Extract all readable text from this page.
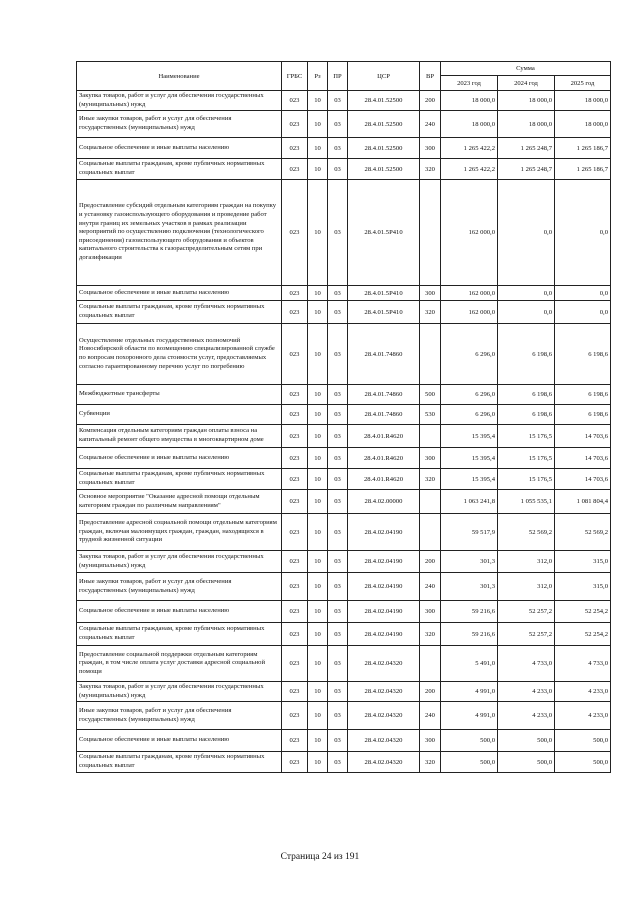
Наименование	ГРБС	Рз	ПР	ЦСР	ВР	Сумма		
						2023 год	2024 год	2025 год
Закупка товаров, работ и услуг для обеспечения государственных (муниципальных) нужд	023	10	03	28.4.01.52500	200	18 000,0	18 000,0	18 000,0
Иные закупки товаров, работ и услуг для обеспечения государственных (муниципальных) нужд	023	10	03	28.4.01.52500	240	18 000,0	18 000,0	18 000,0
Социальное обеспечение и иные выплаты населению	023	10	03	28.4.01.52500	300	1 265 422,2	1 265 248,7	1 265 186,7
Социальные выплаты гражданам, кроме публичных нормативных социальных выплат	023	10	03	28.4.01.52500	320	1 265 422,2	1 265 248,7	1 265 186,7
Предоставление субсидий отдельным категориям граждан на покупку и установку газоиспользующего оборудования и проведение работ внутри границ их земельных участков в рамках реализации мероприятий по осуществлению подключения (технологического присоединения) газоиспользующего оборудования и объектов капитального строительства к газораспределительным сетям при догазификации	023	10	03	28.4.01.5Р410		162 000,0	0,0	0,0
Социальное обеспечение и иные выплаты населению	023	10	03	28.4.01.5Р410	300	162 000,0	0,0	0,0
Социальные выплаты гражданам, кроме публичных нормативных социальных выплат	023	10	03	28.4.01.5Р410	320	162 000,0	0,0	0,0
Осуществление отдельных государственных полномочий Новосибирской области по возмещению специализированной службе по вопросам похоронного дела стоимости услуг, предоставляемых согласно гарантированному перечню услуг по погребению	023	10	03	28.4.01.74860		6 296,0	6 198,6	6 198,6
Межбюджетные трансферты	023	10	03	28.4.01.74860	500	6 296,0	6 198,6	6 198,6
Субвенции	023	10	03	28.4.01.74860	530	6 296,0	6 198,6	6 198,6
Компенсация отдельным категориям граждан оплаты взноса на капитальный ремонт общего имущества в многоквартирном доме	023	10	03	28.4.01.R4620		15 395,4	15 176,5	14 703,6
Социальное обеспечение и иные выплаты населению	023	10	03	28.4.01.R4620	300	15 395,4	15 176,5	14 703,6
Социальные выплаты гражданам, кроме публичных нормативных социальных выплат	023	10	03	28.4.01.R4620	320	15 395,4	15 176,5	14 703,6
Основное мероприятие "Оказание адресной помощи отдельным категориям граждан по различным направлениям"	023	10	03	28.4.02.00000		1 063 241,8	1 055 535,1	1 081 804,4
Предоставление адресной социальной помощи отдельным категориям граждан, включая малоимущих граждан, граждан, находящихся в трудной жизненной ситуации	023	10	03	28.4.02.04190		59 517,9	52 569,2	52 569,2
Закупка товаров, работ и услуг для обеспечения государственных (муниципальных) нужд	023	10	03	28.4.02.04190	200	301,3	312,0	315,0
Иные закупки товаров, работ и услуг для обеспечения государственных (муниципальных) нужд	023	10	03	28.4.02.04190	240	301,3	312,0	315,0
Социальное обеспечение и иные выплаты населению	023	10	03	28.4.02.04190	300	59 216,6	52 257,2	52 254,2
Социальные выплаты гражданам, кроме публичных нормативных социальных выплат	023	10	03	28.4.02.04190	320	59 216,6	52 257,2	52 254,2
Предоставление социальной поддержки отдельным категориям граждан, в том числе оплата услуг доставки адресной социальной помощи	023	10	03	28.4.02.04320		5 491,0	4 733,0	4 733,0
Закупка товаров, работ и услуг для обеспечения государственных (муниципальных) нужд	023	10	03	28.4.02.04320	200	4 991,0	4 233,0	4 233,0
Иные закупки товаров, работ и услуг для обеспечения государственных (муниципальных) нужд	023	10	03	28.4.02.04320	240	4 991,0	4 233,0	4 233,0
Социальное обеспечение и иные выплаты населению	023	10	03	28.4.02.04320	300	500,0	500,0	500,0
Социальные выплаты гражданам, кроме публичных нормативных социальных выплат	023	10	03	28.4.02.04320	320	500,0	500,0	500,0
Страница 24 из 191
